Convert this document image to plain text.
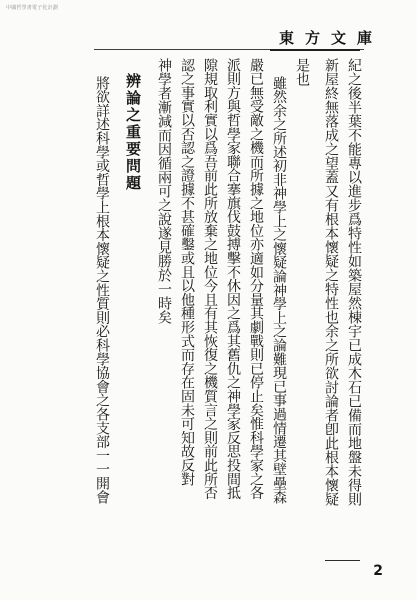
中國哲學書電子化計劃
東方文庫
紀之後半葉不能專以進步爲特性如築屋然棟宇已成木石已備而地盤未得則
新屋終無落成之望蓋又有根本懷疑之特性也余之所欲討論者卽此根本懷疑
是也
雖然余之所述初非神學上之懷疑論神學上之論難現已事過情遷其壁壘森
嚴已無受敵之機而所據之地位亦適如分量其劇戰則已停止矣惟科學家之各
派則方與哲學家聯合搴旗伐鼓搏擊不休因之爲其舊仇之神學家反思投間抵
隙規取利實以爲吾前此所放棄之地位今且有其恢復之機質言之則前此所否
認之事實以否認之證據不甚確鑿或且以他種形式而存在固未可知故反對
神學者漸減而因循兩可之說遂見勝於一時矣
辨論之重要問題
將欲詳述科學或哲學上根本懷疑之性質則必科學協會之各支部一一開會
2
